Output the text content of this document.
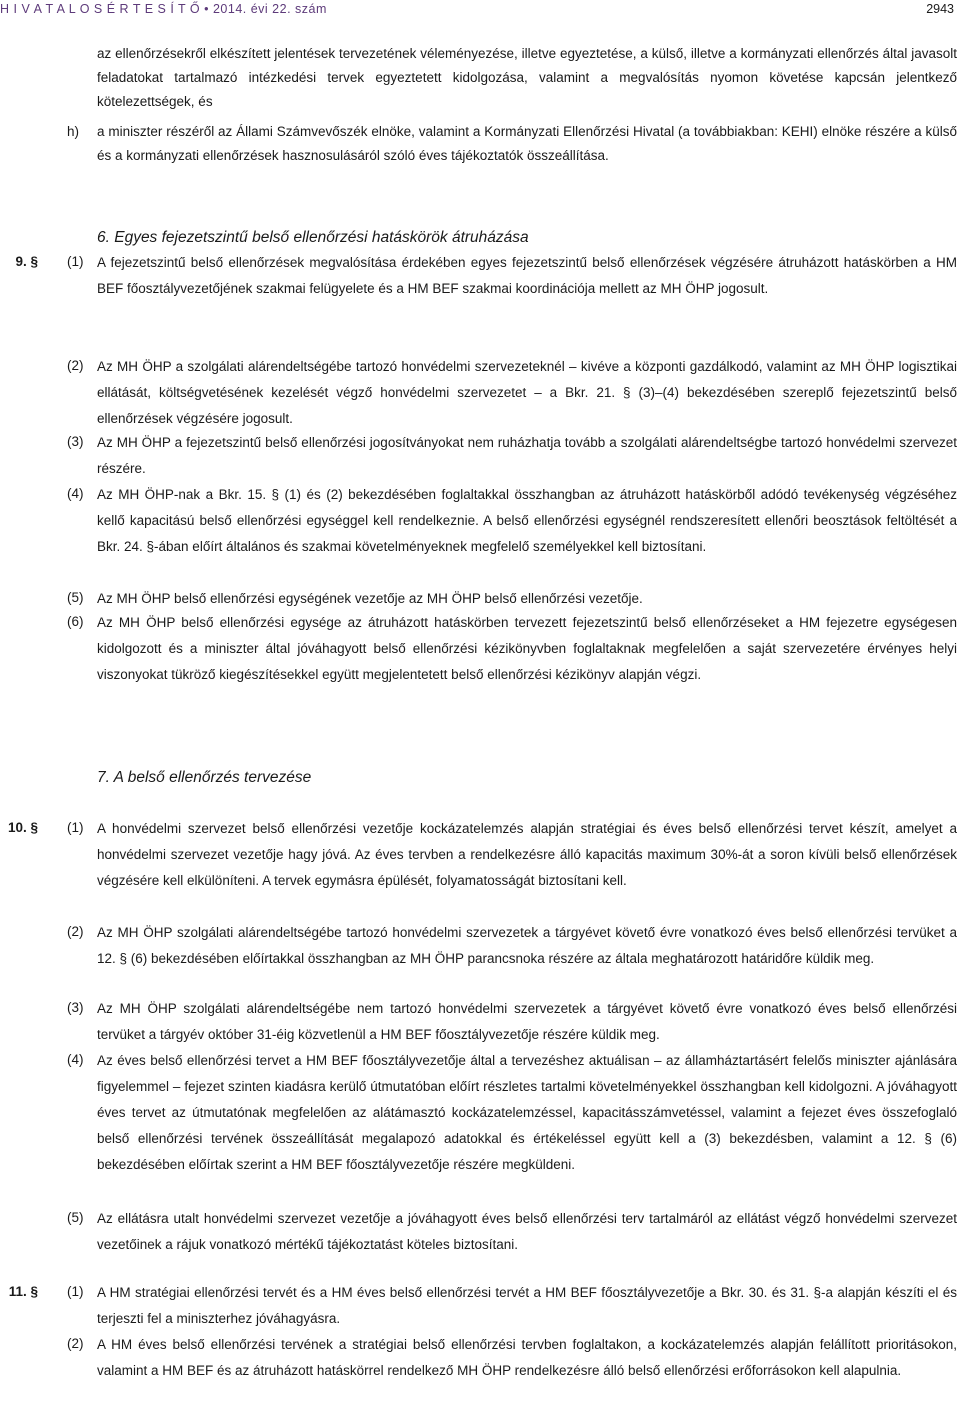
H I V A T A L O S É R T E S Í T Ő • 2014. évi 22. szám	2943
az ellenőrzésekről elkészített jelentések tervezetének véleményezése, illetve egyeztetése, a külső, illetve a kormányzati ellenőrzés által javasolt feladatokat tartalmazó intézkedési tervek egyeztetett kidolgozása, valamint a megvalósítás nyomon követése kapcsán jelentkező kötelezettségek, és
h) a miniszter részéről az Állami Számvevőszék elnöke, valamint a Kormányzati Ellenőrzési Hivatal (a továbbiakban: KEHI) elnöke részére a külső és a kormányzati ellenőrzések hasznosulásáról szóló éves tájékoztatók összeállítása.
6. Egyes fejezetszintű belső ellenőrzési hatáskörök átruházása
9. § (1) A fejezetszintű belső ellenőrzések megvalósítása érdekében egyes fejezetszintű belső ellenőrzések végzésére átruházott hatáskörben a HM BEF főosztályvezetőjének szakmai felügyelete és a HM BEF szakmai koordinációja mellett az MH ÖHP jogosult.
(2) Az MH ÖHP a szolgálati alárendeltségébe tartozó honvédelmi szervezeteknél – kivéve a központi gazdálkodó, valamint az MH ÖHP logisztikai ellátását, költségvetésének kezelését végző honvédelmi szervezetet – a Bkr. 21. § (3)–(4) bekezdésében szereplő fejezetszintű belső ellenőrzések végzésére jogosult.
(3) Az MH ÖHP a fejezetszintű belső ellenőrzési jogosítványokat nem ruházhatja tovább a szolgálati alárendeltségbe tartozó honvédelmi szervezet részére.
(4) Az MH ÖHP-nak a Bkr. 15. § (1) és (2) bekezdésében foglaltakkal összhangban az átruházott hatáskörből adódó tevékenység végzéséhez kellő kapacitású belső ellenőrzési egységgel kell rendelkeznie. A belső ellenőrzési egységnél rendszeresített ellenőri beosztások feltöltését a Bkr. 24. §-ában előírt általános és szakmai követelményeknek megfelelő személyekkel kell biztosítani.
(5) Az MH ÖHP belső ellenőrzési egységének vezetője az MH ÖHP belső ellenőrzési vezetője.
(6) Az MH ÖHP belső ellenőrzési egysége az átruházott hatáskörben tervezett fejezetszintű belső ellenőrzéseket a HM fejezetre egységesen kidolgozott és a miniszter által jóváhagyott belső ellenőrzési kézikönyvben foglaltaknak megfelelően a saját szervezetére érvényes helyi viszonyokat tükröző kiegészítésekkel együtt megjelentetett belső ellenőrzési kézikönyv alapján végzi.
7. A belső ellenőrzés tervezése
10. § (1) A honvédelmi szervezet belső ellenőrzési vezetője kockázatelemzés alapján stratégiai és éves belső ellenőrzési tervet készít, amelyet a honvédelmi szervezet vezetője hagy jóvá. Az éves tervben a rendelkezésre álló kapacitás maximum 30%-át a soron kívüli belső ellenőrzések végzésére kell elkülöníteni. A tervek egymásra épülését, folyamatosságát biztosítani kell.
(2) Az MH ÖHP szolgálati alárendeltségébe tartozó honvédelmi szervezetek a tárgyévet követő évre vonatkozó éves belső ellenőrzési tervüket a 12. § (6) bekezdésében előírtakkal összhangban az MH ÖHP parancsnoka részére az általa meghatározott határidőre küldik meg.
(3) Az MH ÖHP szolgálati alárendeltségébe nem tartozó honvédelmi szervezetek a tárgyévet követő évre vonatkozó éves belső ellenőrzési tervüket a tárgyév október 31-éig közvetlenül a HM BEF főosztályvezetője részére küldik meg.
(4) Az éves belső ellenőrzési tervet a HM BEF főosztályvezetője által a tervezéshez aktuálisan – az államháztartásért felelős miniszter ajánlására figyelemmel – fejezet szinten kiadásra kerülő útmutatóban előírt részletes tartalmi követelményekkel összhangban kell kidolgozni. A jóváhagyott éves tervet az útmutatónak megfelelően az alátámasztó kockázatelemzéssel, kapacitásszámvetéssel, valamint a fejezet éves összefoglaló belső ellenőrzési tervének összeállítását megalapozó adatokkal és értékeléssel együtt kell a (3) bekezdésben, valamint a 12. § (6) bekezdésében előírtak szerint a HM BEF főosztályvezetője részére megküldeni.
(5) Az ellátásra utalt honvédelmi szervezet vezetője a jóváhagyott éves belső ellenőrzési terv tartalmáról az ellátást végző honvédelmi szervezet vezetőinek a rájuk vonatkozó mértékű tájékoztatást köteles biztosítani.
11. § (1) A HM stratégiai ellenőrzési tervét és a HM éves belső ellenőrzési tervét a HM BEF főosztályvezetője a Bkr. 30. és 31. §-a alapján készíti el és terjeszti fel a miniszterhez jóváhagyásra.
(2) A HM éves belső ellenőrzési tervének a stratégiai belső ellenőrzési tervben foglaltakon, a kockázatelemzés alapján felállított prioritásokon, valamint a HM BEF és az átruházott hatáskörrel rendelkező MH ÖHP rendelkezésre álló belső ellenőrzési erőforrásokon kell alapulnia.
